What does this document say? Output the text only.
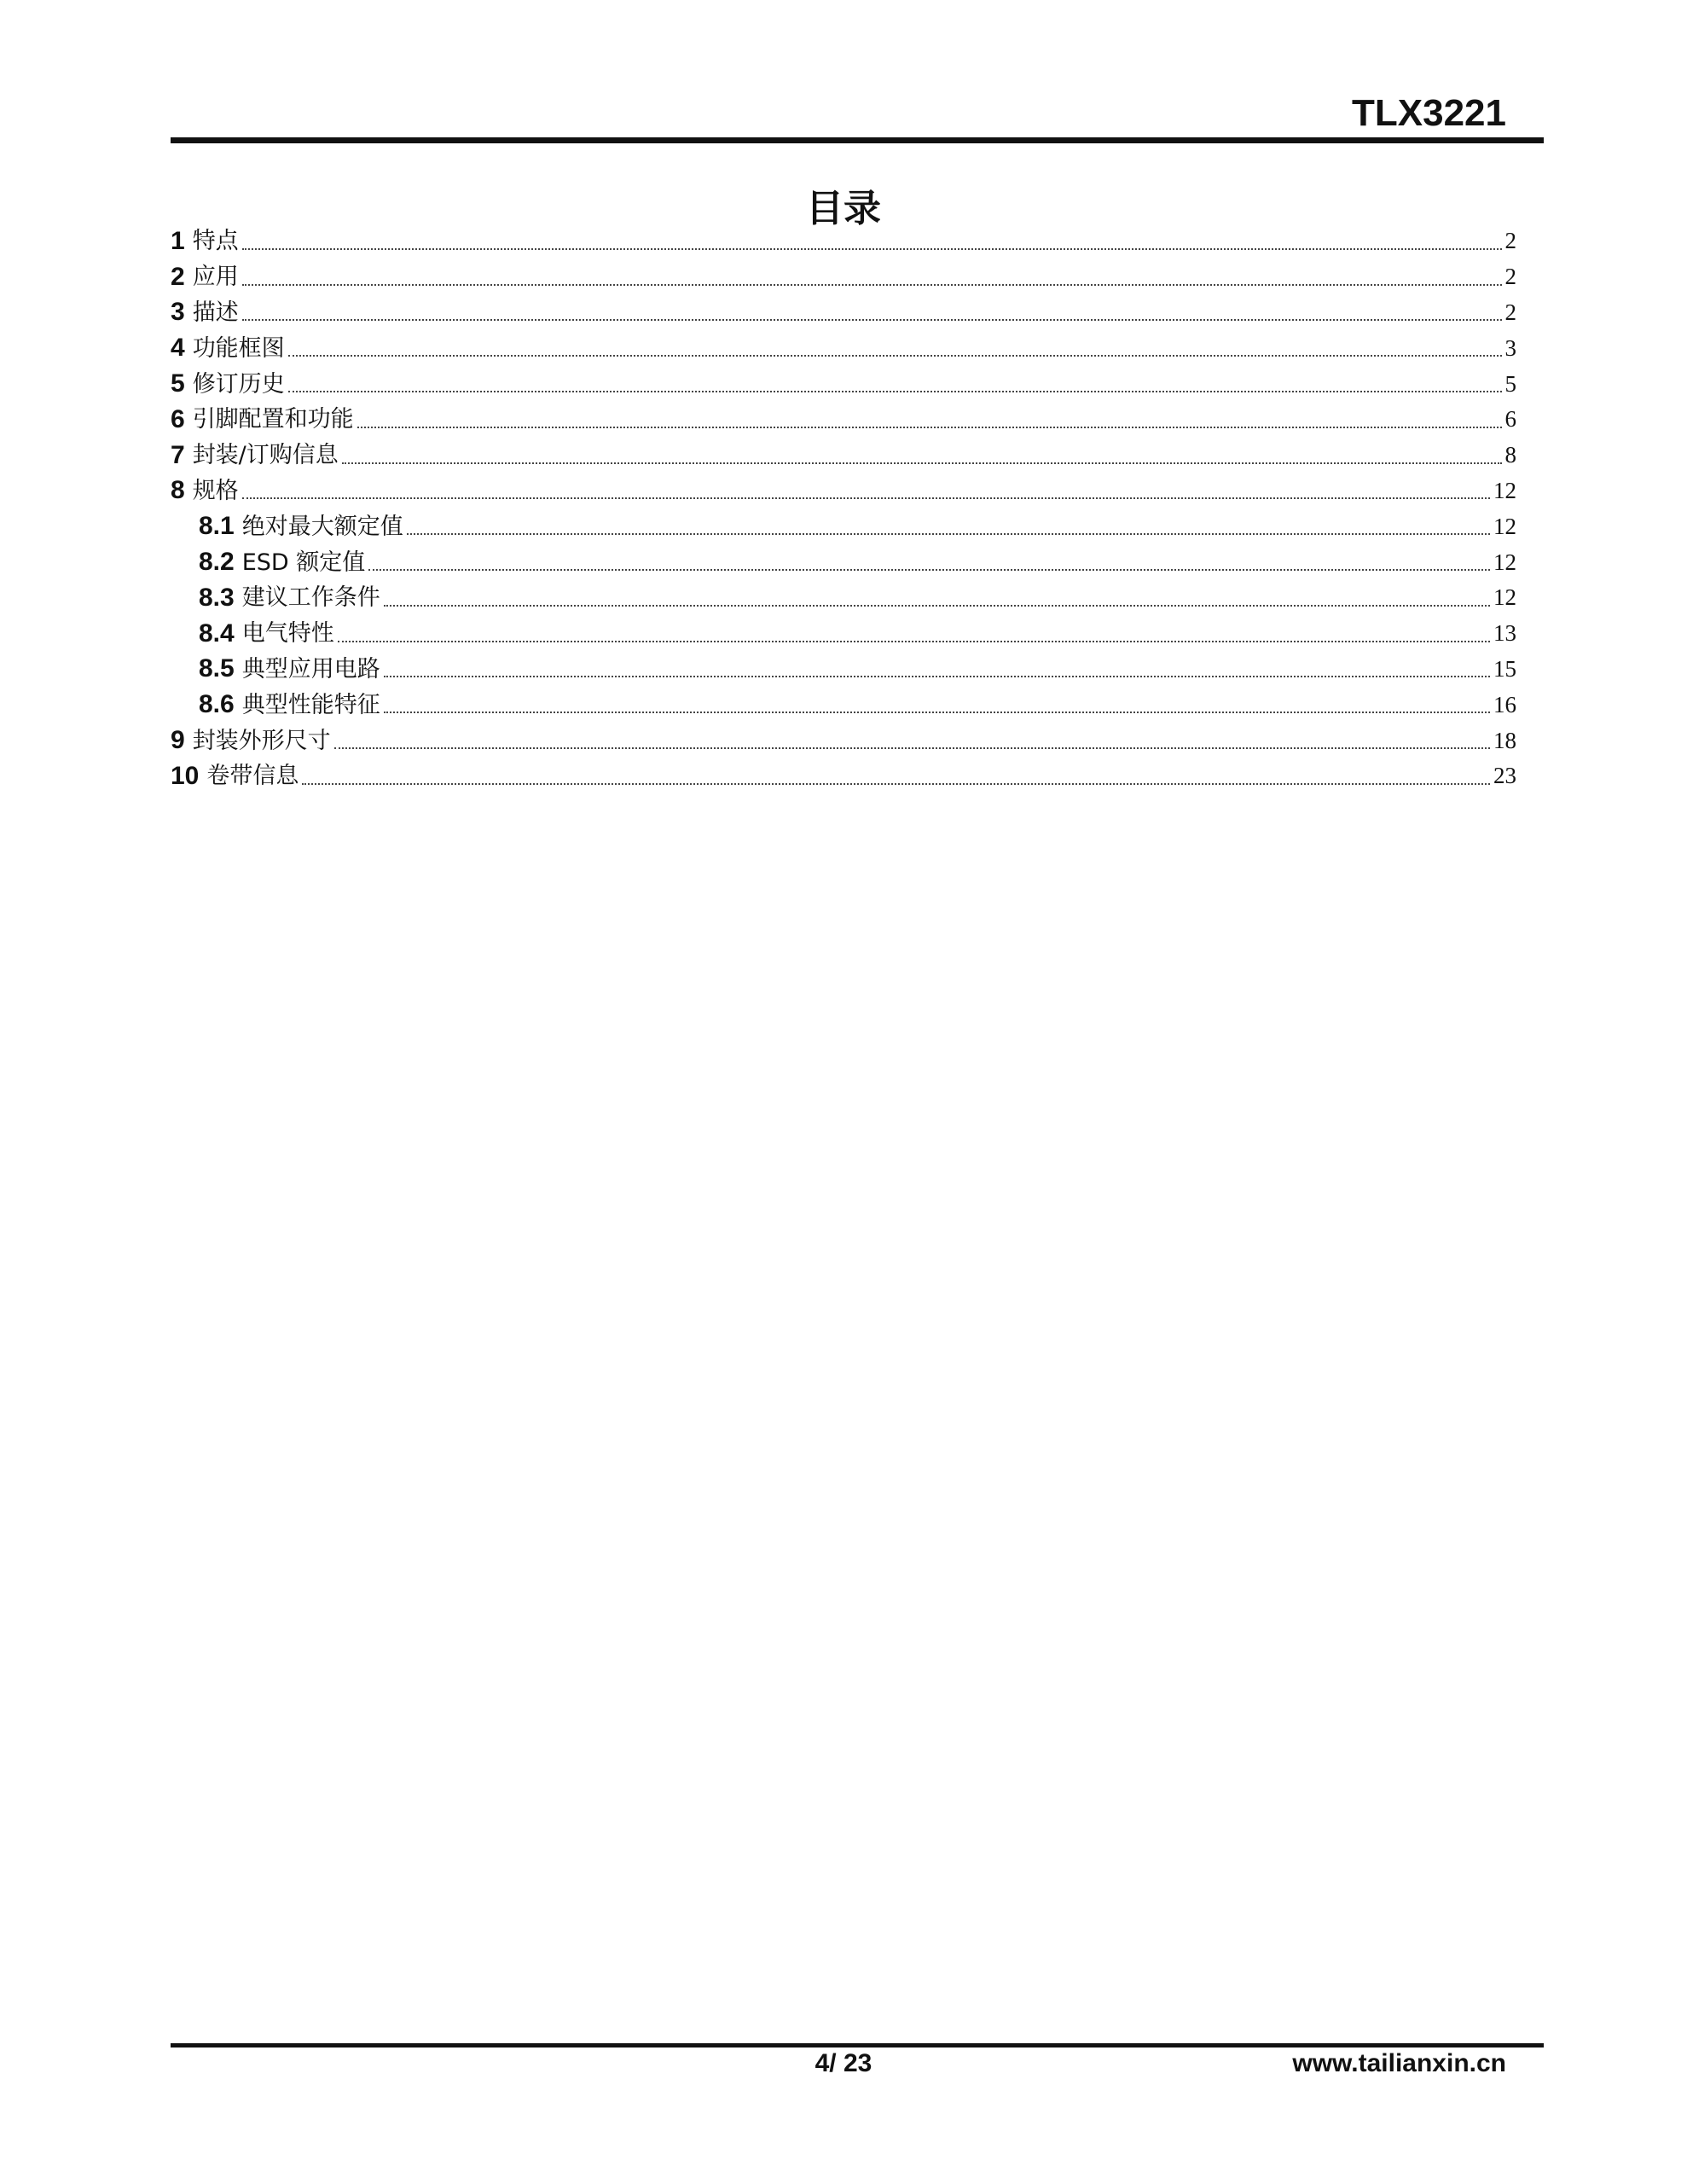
TLX3221
目录
1 特点	2
2 应用	2
3 描述	2
4 功能框图	3
5 修订历史	5
6 引脚配置和功能	6
7 封装/订购信息	8
8 规格	12
8.1 绝对最大额定值	12
8.2 ESD 额定值	12
8.3 建议工作条件	12
8.4 电气特性	13
8.5 典型应用电路	15
8.6 典型性能特征	16
9 封装外形尺寸	18
10 卷带信息	23
4/ 23	www.tailianxin.cn
